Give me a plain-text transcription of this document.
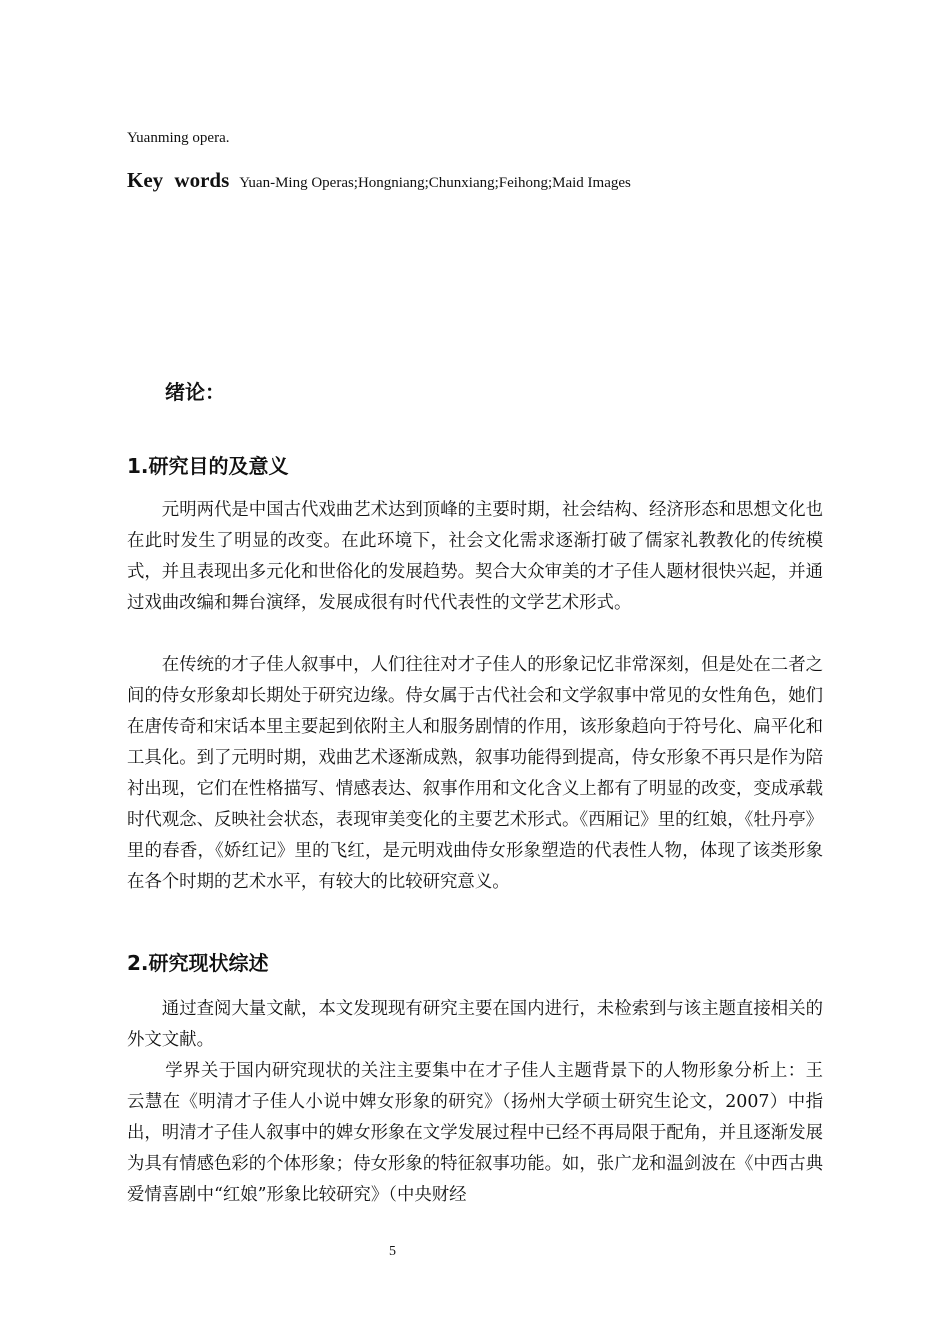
Yuanming opera.
Key words Yuan-Ming Operas;Hongniang;Chunxiang;Feihong;Maid Images
绪论：
1.研究目的及意义
元明两代是中国古代戏曲艺术达到顶峰的主要时期，社会结构、经济形态和思想文化也在此时发生了明显的改变。在此环境下，社会文化需求逐渐打破了儒家礼教教化的传统模式，并且表现出多元化和世俗化的发展趋势。契合大众审美的才子佳人题材很快兴起，并通过戏曲改编和舞台演绎，发展成很有时代代表性的文学艺术形式。
在传统的才子佳人叙事中，人们往往对才子佳人的形象记忆非常深刻，但是处在二者之间的侍女形象却长期处于研究边缘。侍女属于古代社会和文学叙事中常见的女性角色，她们在唐传奇和宋话本里主要起到依附主人和服务剧情的作用，该形象趋向于符号化、扁平化和工具化。到了元明时期，戏曲艺术逐渐成熟，叙事功能得到提高，侍女形象不再只是作为陪衬出现，它们在性格描写、情感表达、叙事作用和文化含义上都有了明显的改变，变成承载时代观念、反映社会状态，表现审美变化的主要艺术形式。《西厢记》里的红娘，《牡丹亭》里的春香，《娇红记》里的飞红，是元明戏曲侍女形象塑造的代表性人物，体现了该类形象在各个时期的艺术水平，有较大的比较研究意义。
2.研究现状综述
通过查阅大量文献，本文发现现有研究主要在国内进行，未检索到与该主题直接相关的外文文献。
学界关于国内研究现状的关注主要集中在才子佳人主题背景下的人物形象分析上：王云慧在《明清才子佳人小说中婢女形象的研究》（扬州大学硕士研究生论文，2007）中指出，明清才子佳人叙事中的婢女形象在文学发展过程中已经不再局限于配角，并且逐渐发展为具有情感色彩的个体形象；侍女形象的特征叙事功能。如，张广龙和温剑波在《中西古典爱情喜剧中“红娘”形象比较研究》（中央财经
5
